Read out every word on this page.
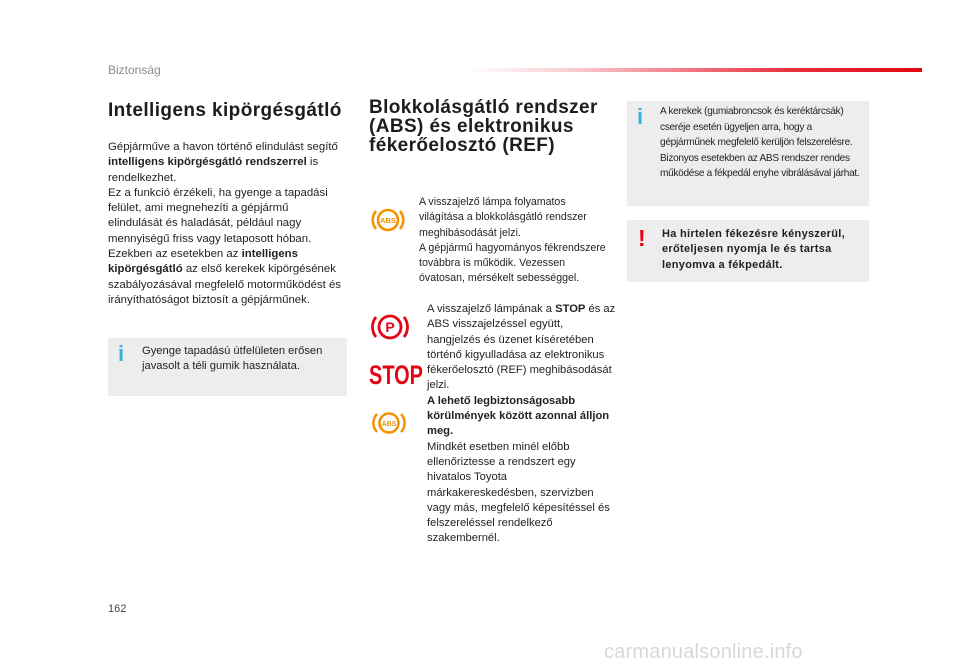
Biztonság
Intelligens kipörgésgátló
Gépjárműve a havon történő elindulást segítő intelligens kipörgésgátló rendszerrel is rendelkezhet.
Ez a funkció érzékeli, ha gyenge a tapadási felület, ami megnehezíti a gépjármű elindulását és haladását, például nagy mennyiségű friss vagy letaposott hóban.
Ezekben az esetekben az intelligens kipörgésgátló az első kerekek kipörgésének szabályozásával megfelelő motorműködést és irányíthatóságot biztosít a gépjárműnek.
i Gyenge tapadású útfelületen erősen javasolt a téli gumik használata.
Blokkolásgátló rendszer
(ABS) és elektronikus
fékerőelosztó (REF)
ABS
A visszajelző lámpa folyamatos világítása a blokkolásgátló rendszer meghibásodását jelzi.
A gépjármű hagyományos fékrendszere továbbra is működik. Vezessen óvatosan, mérsékelt sebességgel.
P
STOP
ABS
A visszajelző lámpának a STOP és az ABS visszajelzéssel együtt, hangjelzés és üzenet kíséretében történő kigyulladása az elektronikus fékerőelosztó (REF) meghibásodását jelzi.
A lehető legbiztonságosabb körülmények között azonnal álljon meg.
Mindkét esetben minél előbb ellenőriztesse a rendszert egy hivatalos Toyota márkakereskedésben, szervizben vagy más, megfelelő képesítéssel és felszereléssel rendelkező szakembernél.
i A kerekek (gumiabroncsok és keréktárcsák) cseréje esetén ügyeljen arra, hogy a gépjárműnek megfelelő kerüljön felszerelésre. Bizonyos esetekben az ABS rendszer rendes működése a fékpedál enyhe vibrálásával járhat.
! Ha hirtelen fékezésre kényszerül, erőteljesen nyomja le és tartsa lenyomva a fékpedált.
162
carmanualsonline.info
